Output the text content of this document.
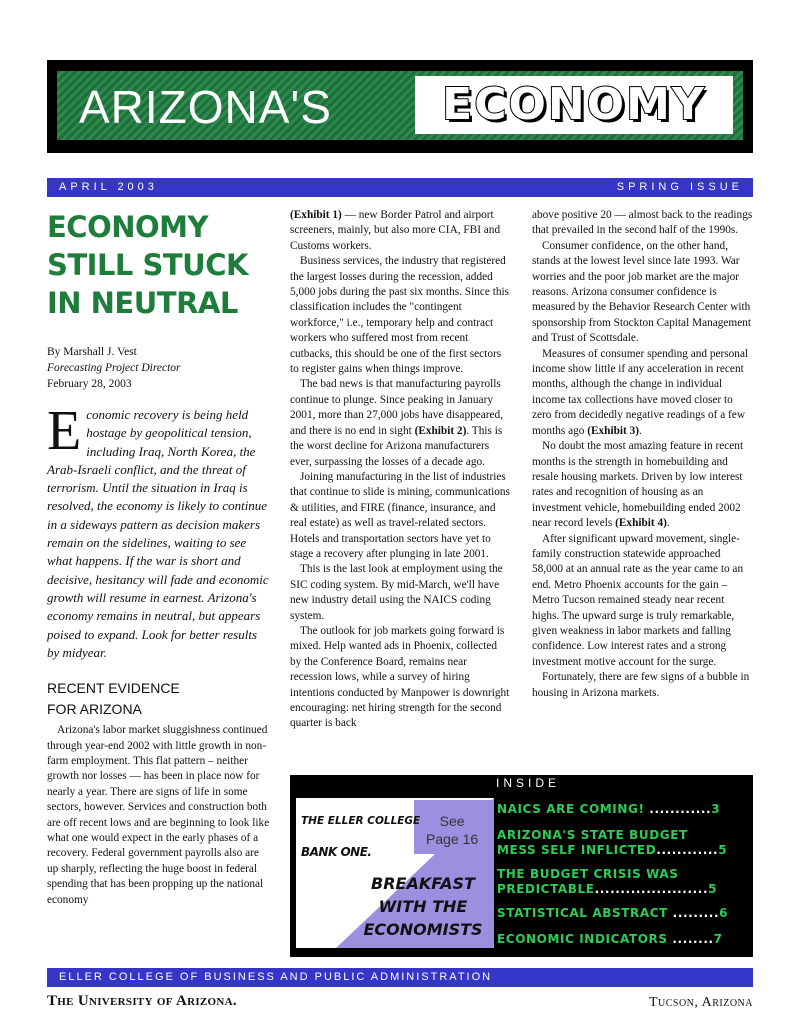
ARIZONA'S	ECONOMY
APRIL 2003	SPRING ISSUE
ECONOMY
STILL STUCK
IN NEUTRAL
By Marshall J. Vest
Forecasting Project Director
February 28, 2003
Economic recovery is being held hostage by geopolitical tension, including Iraq, North Korea, the Arab-Israeli conflict, and the threat of terrorism. Until the situation in Iraq is resolved, the economy is likely to continue in a sideways pattern as decision makers remain on the sidelines, waiting to see what happens. If the war is short and decisive, hesitancy will fade and economic growth will resume in earnest. Arizona's economy remains in neutral, but appears poised to expand. Look for better results by midyear.
RECENT EVIDENCE
FOR ARIZONA

Arizona's labor market sluggishness continued through year-end 2002 with little growth in non-farm employment. This flat pattern – neither growth nor losses — has been in place now for nearly a year. There are signs of life in some sectors, however. Services and construction both are off recent lows and are beginning to look like what one would expect in the early phases of a recovery. Federal government payrolls also are up sharply, reflecting the huge boost in federal spending that has been propping up the national economy

(Exhibit 1) — new Border Patrol and airport screeners, mainly, but also more CIA, FBI and Customs workers.

Business services, the industry that registered the largest losses during the recession, added 5,000 jobs during the past six months. Since this classification includes the "contingent workforce," i.e., temporary help and contract workers who suffered most from recent cutbacks, this should be one of the first sectors to register gains when things improve.

The bad news is that manufacturing payrolls continue to plunge. Since peaking in January 2001, more than 27,000 jobs have disappeared, and there is no end in sight (Exhibit 2). This is the worst decline for Arizona manufacturers ever, surpassing the losses of a decade ago.

Joining manufacturing in the list of industries that continue to slide is mining, communications & utilities, and FIRE (finance, insurance, and real estate) as well as travel-related sectors. Hotels and transportation sectors have yet to stage a recovery after plunging in late 2001.

This is the last look at employment using the SIC coding system. By mid-March, we'll have new industry detail using the NAICS coding system.

The outlook for job markets going forward is mixed. Help wanted ads in Phoenix, collected by the Conference Board, remains near recession lows, while a survey of hiring intentions conducted by Manpower is downright encouraging: net hiring strength for the second quarter is back

above positive 20 — almost back to the readings that prevailed in the second half of the 1990s.

Consumer confidence, on the other hand, stands at the lowest level since late 1993. War worries and the poor job market are the major reasons. Arizona consumer confidence is measured by the Behavior Research Center with sponsorship from Stockton Capital Management and Trust of Scottsdale.

Measures of consumer spending and personal income show little if any acceleration in recent months, although the change in individual income tax collections have moved closer to zero from decidedly negative readings of a few months ago (Exhibit 3).

No doubt the most amazing feature in recent months is the strength in homebuilding and resale housing markets. Driven by low interest rates and recognition of housing as an investment vehicle, homebuilding ended 2002 near record levels (Exhibit 4).

After significant upward movement, single-family construction statewide approached 58,000 at an annual rate as the year came to an end. Metro Phoenix accounts for the gain – Metro Tucson remained steady near recent highs. The upward surge is truly remarkable, given weakness in labor markets and falling confidence. Low interest rates and a strong investment motive account for the surge.

Fortunately, there are few signs of a bubble in housing in Arizona markets.

INSIDE
THE ELLER COLLEGE	See
Page 16
BANK ONE.
BREAKFAST
WITH THE
ECONOMISTS
NAICS ARE COMING! ............3
ARIZONA'S STATE BUDGET
MESS SELF INFLICTED............5
THE BUDGET CRISIS WAS
PREDICTABLE......................5
STATISTICAL ABSTRACT .........6
ECONOMIC INDICATORS ........7
ELLER COLLEGE OF BUSINESS AND PUBLIC ADMINISTRATION
The University of Arizona.	Tucson, Arizona
